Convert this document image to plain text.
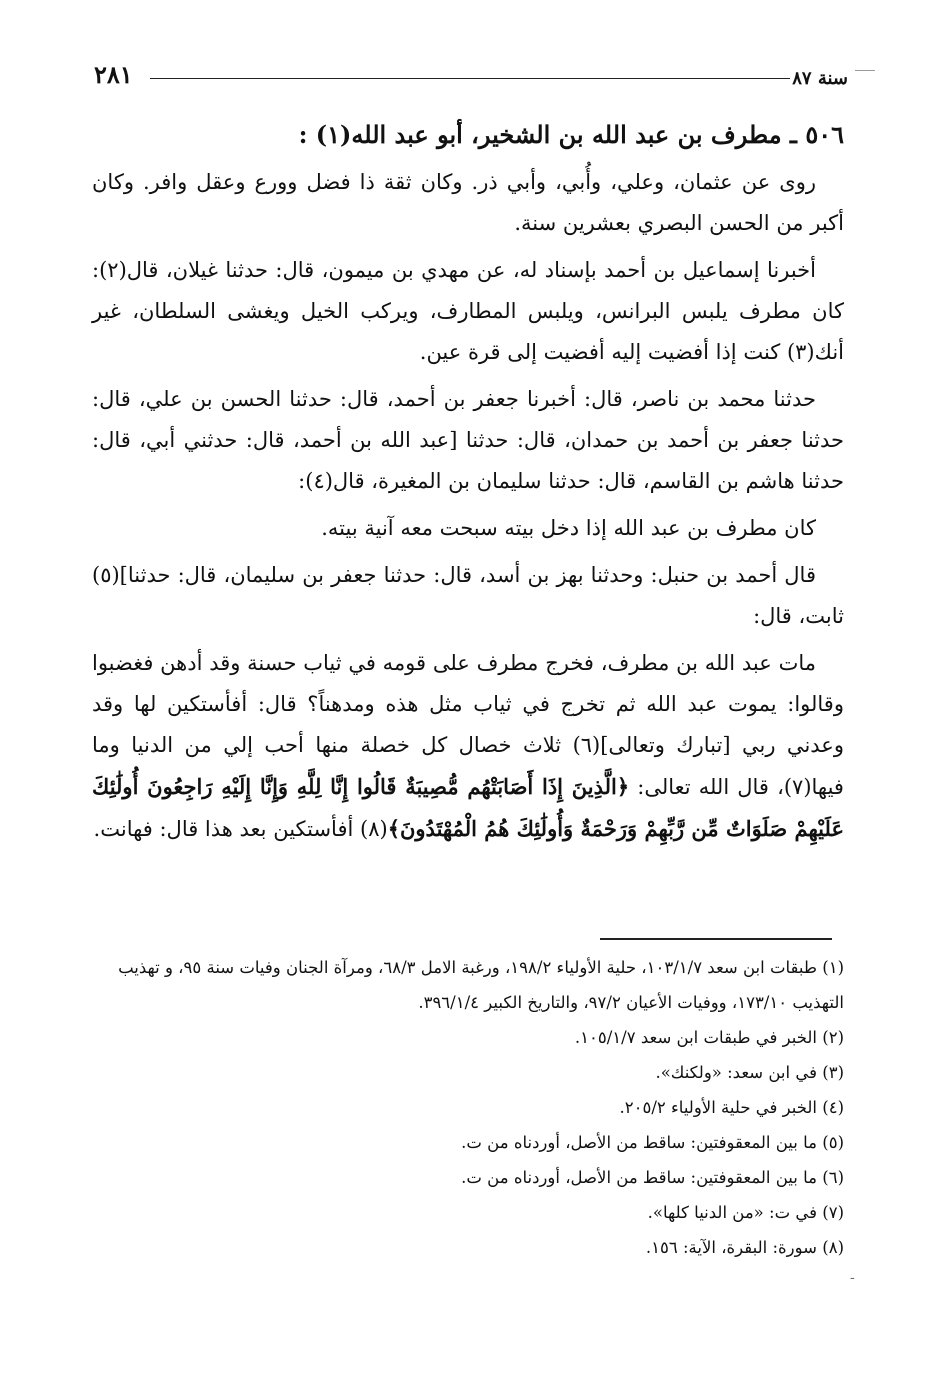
٢٨١	سنة ٨٧
٥٠٦ ـ مطرف بن عبد الله بن الشخير، أبو عبد الله(١) :

روى عن عثمان، وعلي، وأُبي، وأبي ذر. وكان ثقة ذا فضل وورع وعقل وافر. وكان أكبر من الحسن البصري بعشرين سنة.

أخبرنا إسماعيل بن أحمد بإسناد له، عن مهدي بن ميمون، قال: حدثنا غيلان، قال(٢): كان مطرف يلبس البرانس، ويلبس المطارف، ويركب الخيل ويغشى السلطان، غير أنك(٣) كنت إذا أفضيت إليه أفضيت إلى قرة عين.

حدثنا محمد بن ناصر، قال: أخبرنا جعفر بن أحمد، قال: حدثنا الحسن بن علي، قال: حدثنا جعفر بن أحمد بن حمدان، قال: حدثنا [عبد الله بن أحمد، قال: حدثني أبي، قال: حدثنا هاشم بن القاسم، قال: حدثنا سليمان بن المغيرة، قال(٤):

كان مطرف بن عبد الله إذا دخل بيته سبحت معه آنية بيته.

قال أحمد بن حنبل: وحدثنا بهز بن أسد، قال: حدثنا جعفر بن سليمان، قال: حدثنا](٥) ثابت، قال:

مات عبد الله بن مطرف، فخرج مطرف على قومه في ثياب حسنة وقد أدهن فغضبوا وقالوا: يموت عبد الله ثم تخرج في ثياب مثل هذه ومدهناً؟ قال: أفأستكين لها وقد وعدني ربي [تبارك وتعالى](٦) ثلاث خصال كل خصلة منها أحب إلي من الدنيا وما فيها(٧)، قال الله تعالى: ﴿الَّذِينَ إِذَا أَصَابَتْهُم مُّصِيبَةٌ قَالُوا إِنَّا لِلَّهِ وَإِنَّا إِلَيْهِ رَاجِعُونَ أُولَٰئِكَ عَلَيْهِمْ صَلَوَاتٌ مِّن رَّبِّهِمْ وَرَحْمَةٌ وَأُولَٰئِكَ هُمُ الْمُهْتَدُونَ﴾(٨) أفأستكين بعد هذا قال: فهانت.

(١) طبقات ابن سعد ١٠٣/١/٧، حلية الأولياء ١٩٨/٢، ورغبة الامل ٦٨/٣، ومرآة الجنان وفيات سنة ٩٥، و تهذيب التهذيب ١٧٣/١٠، ووفيات الأعيان ٩٧/٢، والتاريخ الكبير ٣٩٦/١/٤.
(٢) الخبر في طبقات ابن سعد ١٠٥/١/٧.
(٣) في ابن سعد: «ولكنك».
(٤) الخبر في حلية الأولياء ٢٠٥/٢.
(٥) ما بين المعقوفتين: ساقط من الأصل، أوردناه من ت.
(٦) ما بين المعقوفتين: ساقط من الأصل، أوردناه من ت.
(٧) في ت: «من الدنيا كلها».
(٨) سورة: البقرة، الآية: ١٥٦.
-
